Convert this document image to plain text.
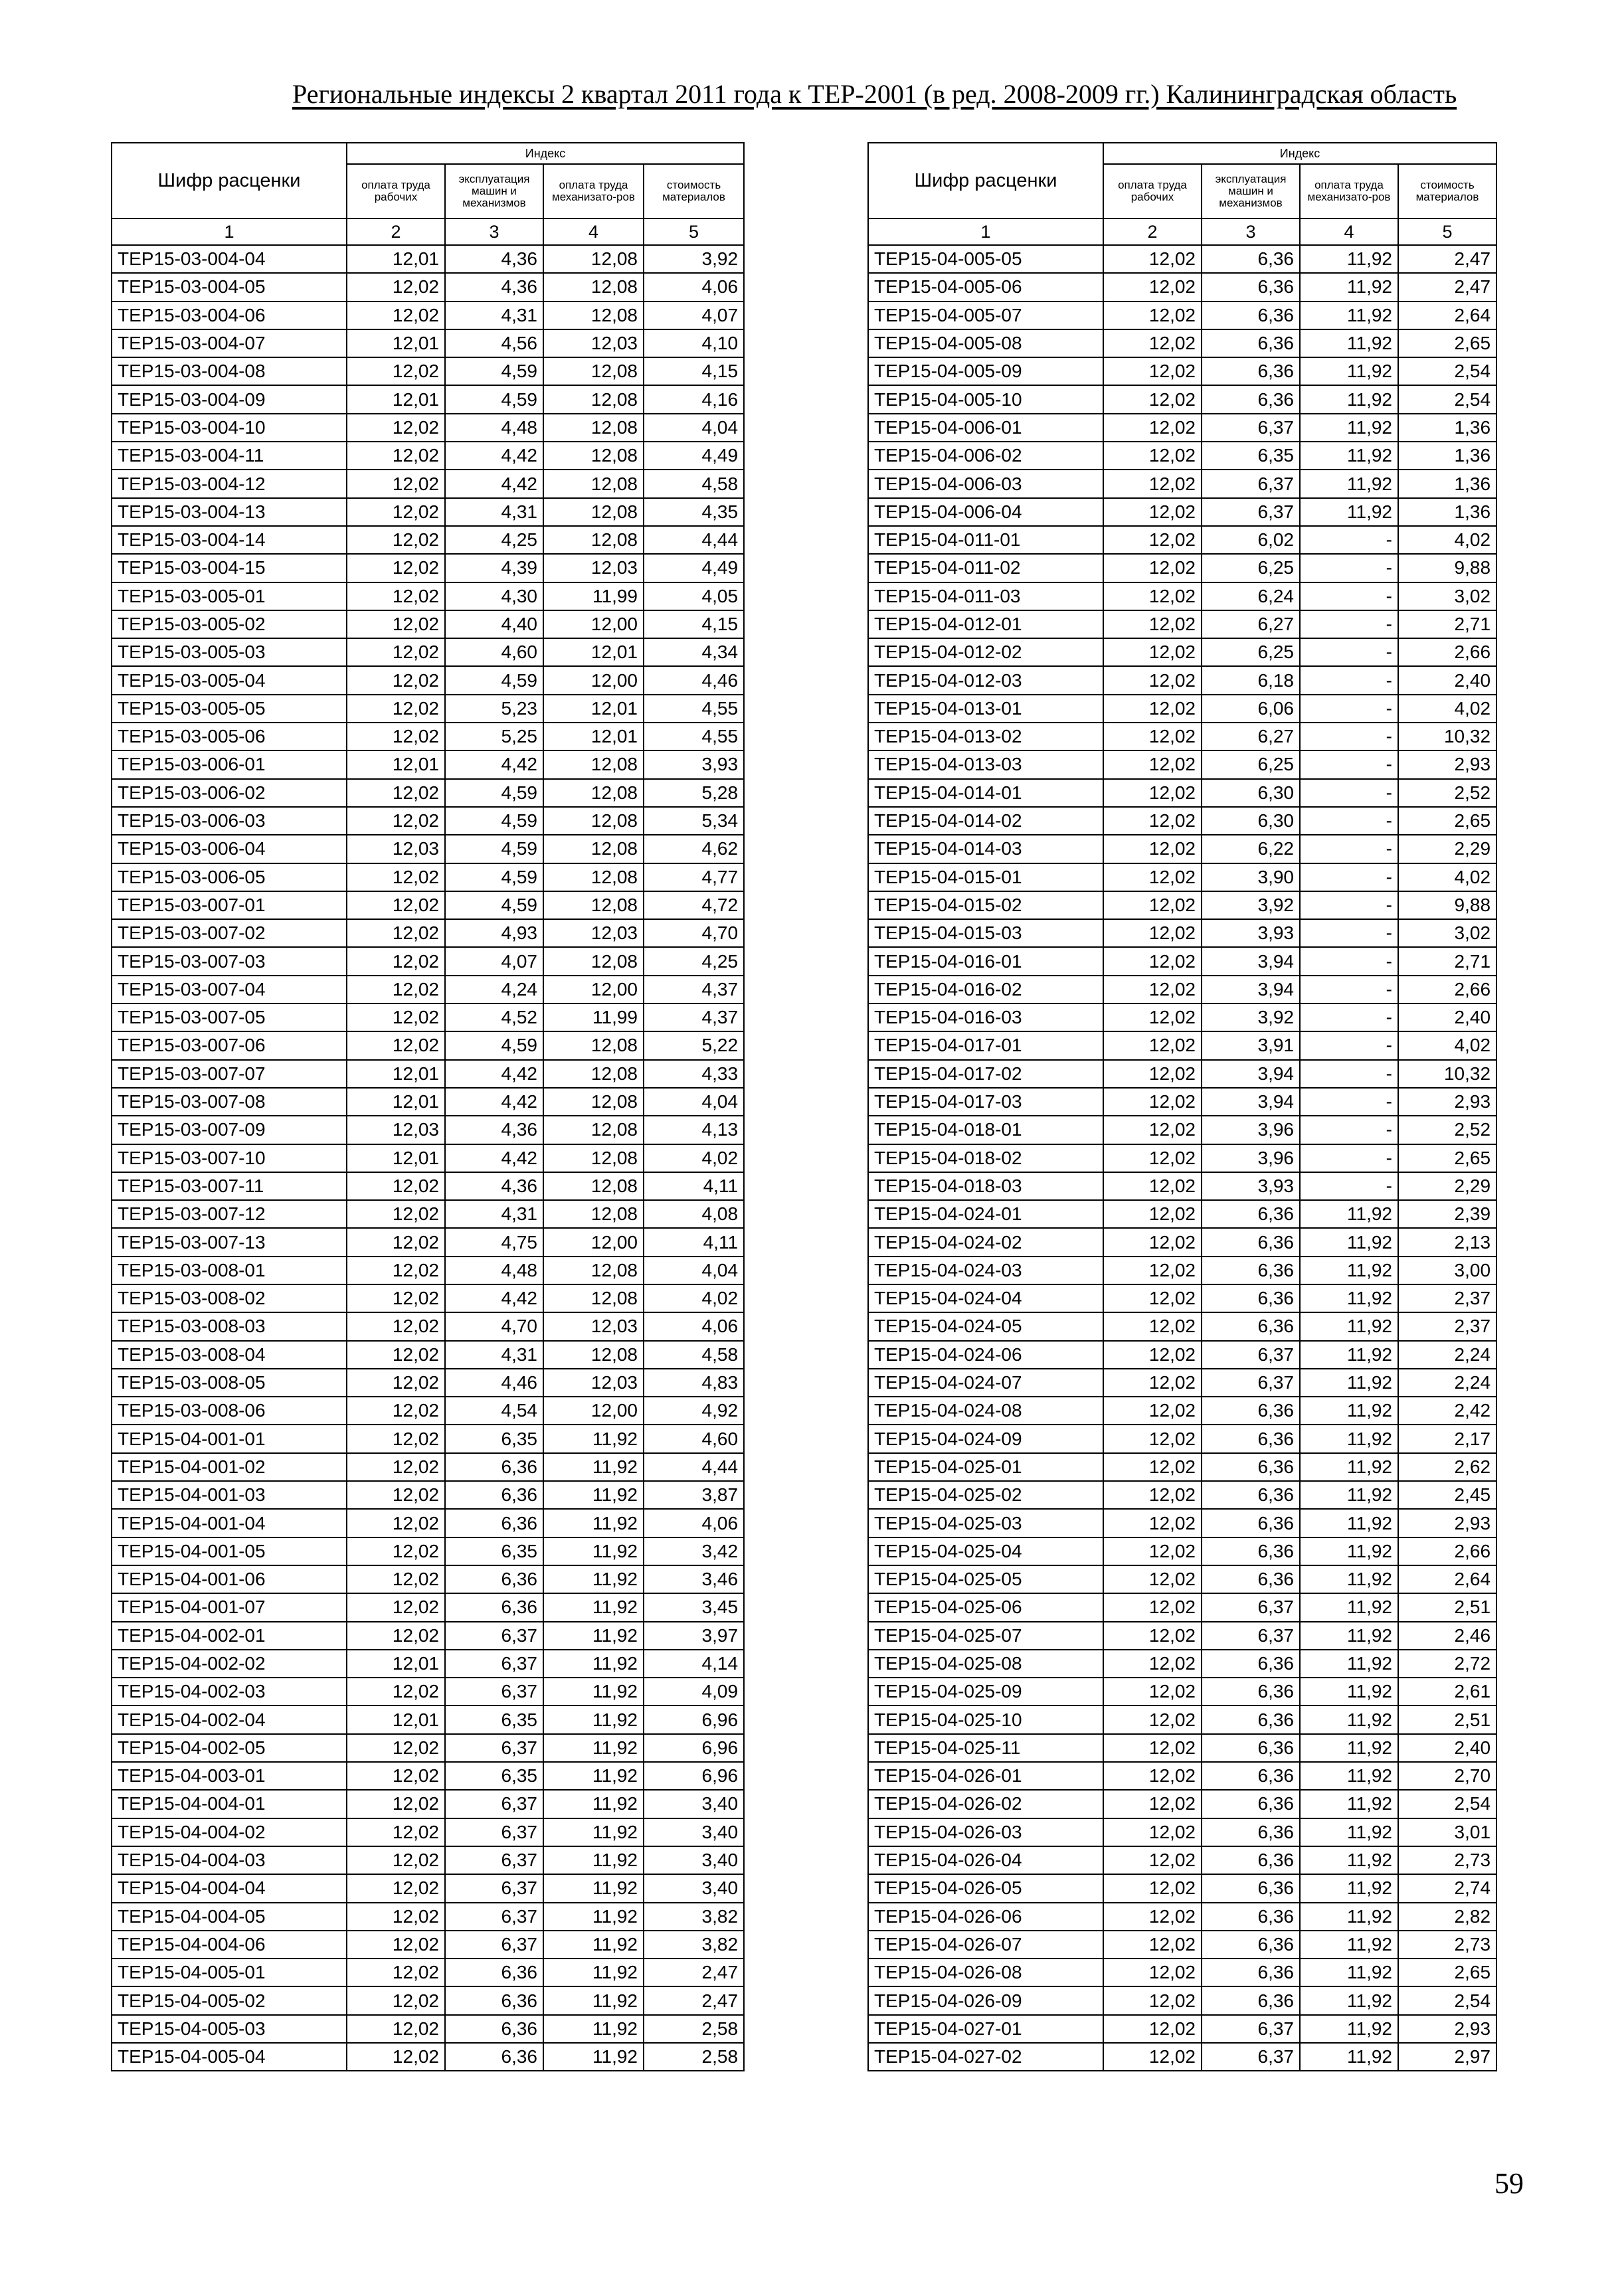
Региональные индексы 2 квартал 2011 года к ТЕР-2001 (в ред. 2008-2009 гг.) Калининградская область
Шифр расценки	Индекс			
	оплата труда рабочих	эксплуатация машин и механизмов	оплата труда механизато-ров	стоимость материалов
1	2	3	4	5
ТЕР15-03-004-04	12,01	4,36	12,08	3,92
ТЕР15-03-004-05	12,02	4,36	12,08	4,06
ТЕР15-03-004-06	12,02	4,31	12,08	4,07
ТЕР15-03-004-07	12,01	4,56	12,03	4,10
ТЕР15-03-004-08	12,02	4,59	12,08	4,15
ТЕР15-03-004-09	12,01	4,59	12,08	4,16
ТЕР15-03-004-10	12,02	4,48	12,08	4,04
ТЕР15-03-004-11	12,02	4,42	12,08	4,49
ТЕР15-03-004-12	12,02	4,42	12,08	4,58
ТЕР15-03-004-13	12,02	4,31	12,08	4,35
ТЕР15-03-004-14	12,02	4,25	12,08	4,44
ТЕР15-03-004-15	12,02	4,39	12,03	4,49
ТЕР15-03-005-01	12,02	4,30	11,99	4,05
ТЕР15-03-005-02	12,02	4,40	12,00	4,15
ТЕР15-03-005-03	12,02	4,60	12,01	4,34
ТЕР15-03-005-04	12,02	4,59	12,00	4,46
ТЕР15-03-005-05	12,02	5,23	12,01	4,55
ТЕР15-03-005-06	12,02	5,25	12,01	4,55
ТЕР15-03-006-01	12,01	4,42	12,08	3,93
ТЕР15-03-006-02	12,02	4,59	12,08	5,28
ТЕР15-03-006-03	12,02	4,59	12,08	5,34
ТЕР15-03-006-04	12,03	4,59	12,08	4,62
ТЕР15-03-006-05	12,02	4,59	12,08	4,77
ТЕР15-03-007-01	12,02	4,59	12,08	4,72
ТЕР15-03-007-02	12,02	4,93	12,03	4,70
ТЕР15-03-007-03	12,02	4,07	12,08	4,25
ТЕР15-03-007-04	12,02	4,24	12,00	4,37
ТЕР15-03-007-05	12,02	4,52	11,99	4,37
ТЕР15-03-007-06	12,02	4,59	12,08	5,22
ТЕР15-03-007-07	12,01	4,42	12,08	4,33
ТЕР15-03-007-08	12,01	4,42	12,08	4,04
ТЕР15-03-007-09	12,03	4,36	12,08	4,13
ТЕР15-03-007-10	12,01	4,42	12,08	4,02
ТЕР15-03-007-11	12,02	4,36	12,08	4,11
ТЕР15-03-007-12	12,02	4,31	12,08	4,08
ТЕР15-03-007-13	12,02	4,75	12,00	4,11
ТЕР15-03-008-01	12,02	4,48	12,08	4,04
ТЕР15-03-008-02	12,02	4,42	12,08	4,02
ТЕР15-03-008-03	12,02	4,70	12,03	4,06
ТЕР15-03-008-04	12,02	4,31	12,08	4,58
ТЕР15-03-008-05	12,02	4,46	12,03	4,83
ТЕР15-03-008-06	12,02	4,54	12,00	4,92
ТЕР15-04-001-01	12,02	6,35	11,92	4,60
ТЕР15-04-001-02	12,02	6,36	11,92	4,44
ТЕР15-04-001-03	12,02	6,36	11,92	3,87
ТЕР15-04-001-04	12,02	6,36	11,92	4,06
ТЕР15-04-001-05	12,02	6,35	11,92	3,42
ТЕР15-04-001-06	12,02	6,36	11,92	3,46
ТЕР15-04-001-07	12,02	6,36	11,92	3,45
ТЕР15-04-002-01	12,02	6,37	11,92	3,97
ТЕР15-04-002-02	12,01	6,37	11,92	4,14
ТЕР15-04-002-03	12,02	6,37	11,92	4,09
ТЕР15-04-002-04	12,01	6,35	11,92	6,96
ТЕР15-04-002-05	12,02	6,37	11,92	6,96
ТЕР15-04-003-01	12,02	6,35	11,92	6,96
ТЕР15-04-004-01	12,02	6,37	11,92	3,40
ТЕР15-04-004-02	12,02	6,37	11,92	3,40
ТЕР15-04-004-03	12,02	6,37	11,92	3,40
ТЕР15-04-004-04	12,02	6,37	11,92	3,40
ТЕР15-04-004-05	12,02	6,37	11,92	3,82
ТЕР15-04-004-06	12,02	6,37	11,92	3,82
ТЕР15-04-005-01	12,02	6,36	11,92	2,47
ТЕР15-04-005-02	12,02	6,36	11,92	2,47
ТЕР15-04-005-03	12,02	6,36	11,92	2,58
ТЕР15-04-005-04	12,02	6,36	11,92	2,58
Шифр расценки	Индекс			
	оплата труда рабочих	эксплуатация машин и механизмов	оплата труда механизато-ров	стоимость материалов
1	2	3	4	5
ТЕР15-04-005-05	12,02	6,36	11,92	2,47
ТЕР15-04-005-06	12,02	6,36	11,92	2,47
ТЕР15-04-005-07	12,02	6,36	11,92	2,64
ТЕР15-04-005-08	12,02	6,36	11,92	2,65
ТЕР15-04-005-09	12,02	6,36	11,92	2,54
ТЕР15-04-005-10	12,02	6,36	11,92	2,54
ТЕР15-04-006-01	12,02	6,37	11,92	1,36
ТЕР15-04-006-02	12,02	6,35	11,92	1,36
ТЕР15-04-006-03	12,02	6,37	11,92	1,36
ТЕР15-04-006-04	12,02	6,37	11,92	1,36
ТЕР15-04-011-01	12,02	6,02	-	4,02
ТЕР15-04-011-02	12,02	6,25	-	9,88
ТЕР15-04-011-03	12,02	6,24	-	3,02
ТЕР15-04-012-01	12,02	6,27	-	2,71
ТЕР15-04-012-02	12,02	6,25	-	2,66
ТЕР15-04-012-03	12,02	6,18	-	2,40
ТЕР15-04-013-01	12,02	6,06	-	4,02
ТЕР15-04-013-02	12,02	6,27	-	10,32
ТЕР15-04-013-03	12,02	6,25	-	2,93
ТЕР15-04-014-01	12,02	6,30	-	2,52
ТЕР15-04-014-02	12,02	6,30	-	2,65
ТЕР15-04-014-03	12,02	6,22	-	2,29
ТЕР15-04-015-01	12,02	3,90	-	4,02
ТЕР15-04-015-02	12,02	3,92	-	9,88
ТЕР15-04-015-03	12,02	3,93	-	3,02
ТЕР15-04-016-01	12,02	3,94	-	2,71
ТЕР15-04-016-02	12,02	3,94	-	2,66
ТЕР15-04-016-03	12,02	3,92	-	2,40
ТЕР15-04-017-01	12,02	3,91	-	4,02
ТЕР15-04-017-02	12,02	3,94	-	10,32
ТЕР15-04-017-03	12,02	3,94	-	2,93
ТЕР15-04-018-01	12,02	3,96	-	2,52
ТЕР15-04-018-02	12,02	3,96	-	2,65
ТЕР15-04-018-03	12,02	3,93	-	2,29
ТЕР15-04-024-01	12,02	6,36	11,92	2,39
ТЕР15-04-024-02	12,02	6,36	11,92	2,13
ТЕР15-04-024-03	12,02	6,36	11,92	3,00
ТЕР15-04-024-04	12,02	6,36	11,92	2,37
ТЕР15-04-024-05	12,02	6,36	11,92	2,37
ТЕР15-04-024-06	12,02	6,37	11,92	2,24
ТЕР15-04-024-07	12,02	6,37	11,92	2,24
ТЕР15-04-024-08	12,02	6,36	11,92	2,42
ТЕР15-04-024-09	12,02	6,36	11,92	2,17
ТЕР15-04-025-01	12,02	6,36	11,92	2,62
ТЕР15-04-025-02	12,02	6,36	11,92	2,45
ТЕР15-04-025-03	12,02	6,36	11,92	2,93
ТЕР15-04-025-04	12,02	6,36	11,92	2,66
ТЕР15-04-025-05	12,02	6,36	11,92	2,64
ТЕР15-04-025-06	12,02	6,37	11,92	2,51
ТЕР15-04-025-07	12,02	6,37	11,92	2,46
ТЕР15-04-025-08	12,02	6,36	11,92	2,72
ТЕР15-04-025-09	12,02	6,36	11,92	2,61
ТЕР15-04-025-10	12,02	6,36	11,92	2,51
ТЕР15-04-025-11	12,02	6,36	11,92	2,40
ТЕР15-04-026-01	12,02	6,36	11,92	2,70
ТЕР15-04-026-02	12,02	6,36	11,92	2,54
ТЕР15-04-026-03	12,02	6,36	11,92	3,01
ТЕР15-04-026-04	12,02	6,36	11,92	2,73
ТЕР15-04-026-05	12,02	6,36	11,92	2,74
ТЕР15-04-026-06	12,02	6,36	11,92	2,82
ТЕР15-04-026-07	12,02	6,36	11,92	2,73
ТЕР15-04-026-08	12,02	6,36	11,92	2,65
ТЕР15-04-026-09	12,02	6,36	11,92	2,54
ТЕР15-04-027-01	12,02	6,37	11,92	2,93
ТЕР15-04-027-02	12,02	6,37	11,92	2,97
59
